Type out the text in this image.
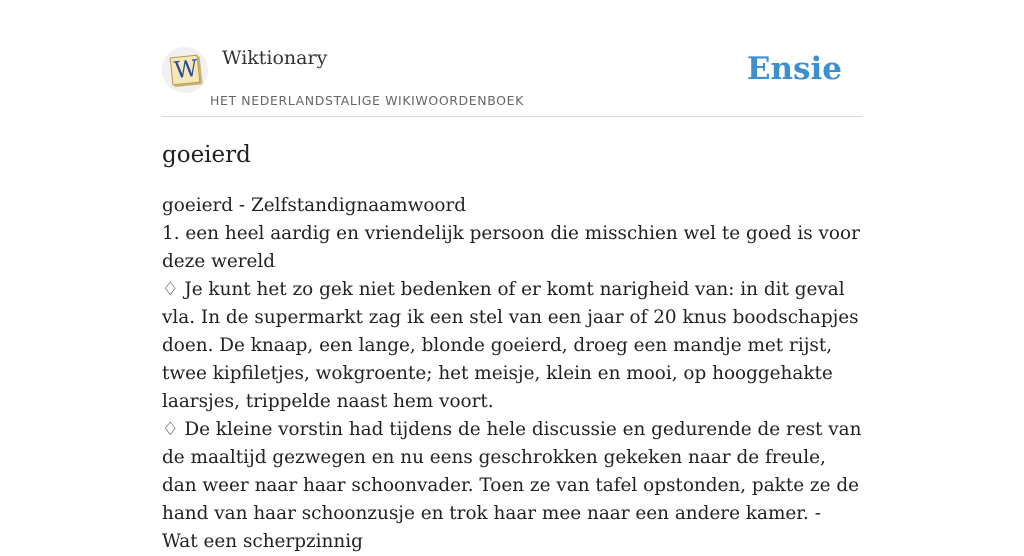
W Wiktionary
HET NEDERLANDSTALIGE WIKIWOORDENBOEK
Ensie
goeierd

goeierd - Zelfstandignaamwoord

1. een heel aardig en vriendelijk persoon die misschien wel te goed is voor deze wereld

♢ Je kunt het zo gek niet bedenken of er komt narigheid van: in dit geval vla. In de supermarkt zag ik een stel van een jaar of 20 knus boodschapjes doen. De knaap, een lange, blonde goeierd, droeg een mandje met rijst, twee kipfiletjes, wokgroente; het meisje, klein en mooi, op hooggehakte laarsjes, trippelde naast hem voort.

♢ De kleine vorstin had tijdens de hele discussie en gedurende de rest van de maaltijd gezwegen en nu eens geschrokken gekeken naar de freule, dan weer naar haar schoonvader. Toen ze van tafel opstonden, pakte ze de hand van haar schoonzusje en trok haar mee naar een andere kamer. - Wat een scherpzinnig
